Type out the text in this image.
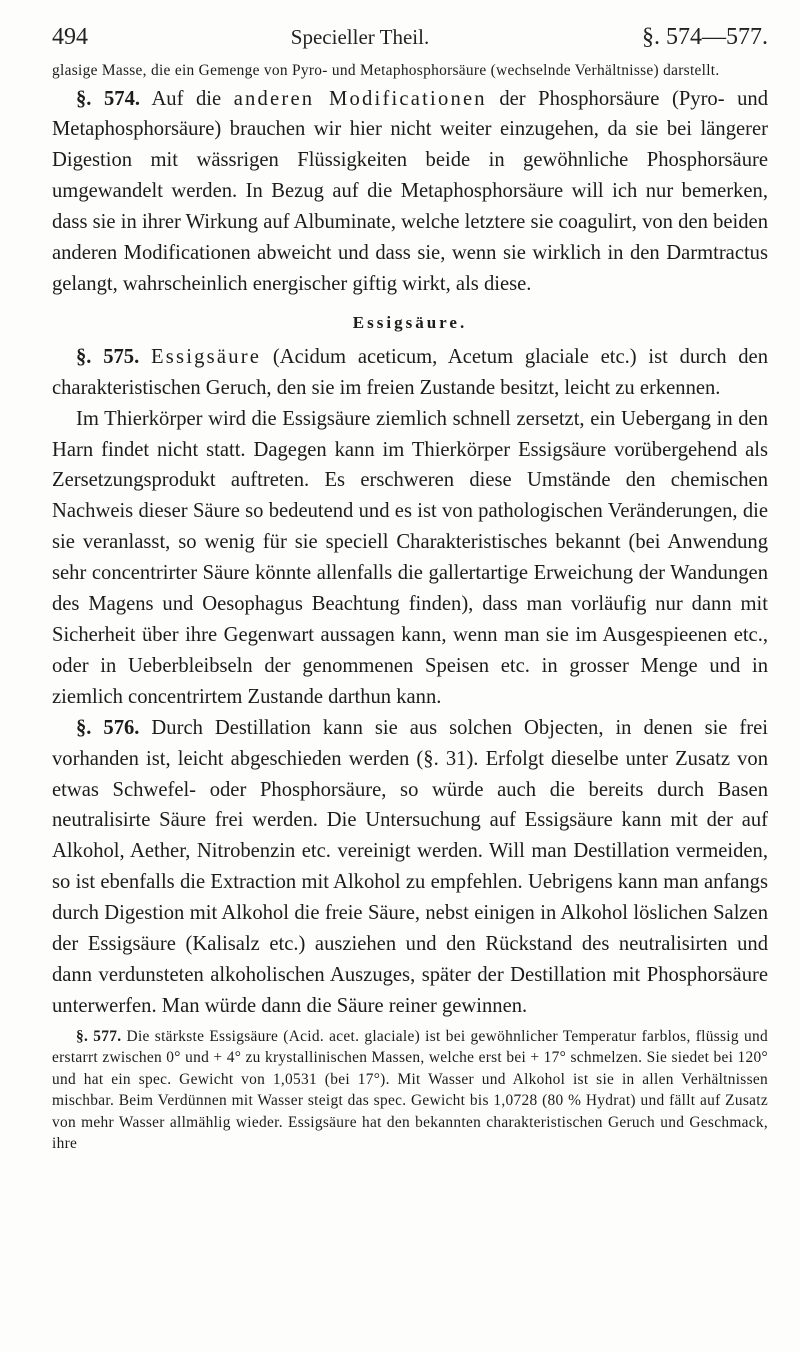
494	Specieller Theil.	§. 574—577.

glasige Masse, die ein Gemenge von Pyro- und Metaphosphorsäure (wechselnde Verhältnisse) darstellt.

§. 574. Auf die anderen Modificationen der Phosphorsäure (Pyro- und Metaphosphorsäure) brauchen wir hier nicht weiter einzugehen, da sie bei längerer Digestion mit wässrigen Flüssigkeiten beide in gewöhnliche Phosphorsäure umgewandelt werden. In Bezug auf die Metaphosphorsäure will ich nur bemerken, dass sie in ihrer Wirkung auf Albuminate, welche letztere sie coagulirt, von den beiden anderen Modificationen abweicht und dass sie, wenn sie wirklich in den Darmtractus gelangt, wahrscheinlich energischer giftig wirkt, als diese.

Essigsäure.

§. 575. Essigsäure (Acidum aceticum, Acetum glaciale etc.) ist durch den charakteristischen Geruch, den sie im freien Zustande besitzt, leicht zu erkennen.

Im Thierkörper wird die Essigsäure ziemlich schnell zersetzt, ein Uebergang in den Harn findet nicht statt. Dagegen kann im Thierkörper Essigsäure vorübergehend als Zersetzungsprodukt auftreten. Es erschweren diese Umstände den chemischen Nachweis dieser Säure so bedeutend und es ist von pathologischen Veränderungen, die sie veranlasst, so wenig für sie speciell Charakteristisches bekannt (bei Anwendung sehr concentrirter Säure könnte allenfalls die gallertartige Erweichung der Wandungen des Magens und Oesophagus Beachtung finden), dass man vorläufig nur dann mit Sicherheit über ihre Gegenwart aussagen kann, wenn man sie im Ausgespieenen etc., oder in Ueberbleibseln der genommenen Speisen etc. in grosser Menge und in ziemlich concentrirtem Zustande darthun kann.

§. 576. Durch Destillation kann sie aus solchen Objecten, in denen sie frei vorhanden ist, leicht abgeschieden werden (§. 31). Erfolgt dieselbe unter Zusatz von etwas Schwefel- oder Phosphorsäure, so würde auch die bereits durch Basen neutralisirte Säure frei werden. Die Untersuchung auf Essigsäure kann mit der auf Alkohol, Aether, Nitrobenzin etc. vereinigt werden. Will man Destillation vermeiden, so ist ebenfalls die Extraction mit Alkohol zu empfehlen. Uebrigens kann man anfangs durch Digestion mit Alkohol die freie Säure, nebst einigen in Alkohol löslichen Salzen der Essigsäure (Kalisalz etc.) ausziehen und den Rückstand des neutralisirten und dann verdunsteten alkoholischen Auszuges, später der Destillation mit Phosphorsäure unterwerfen. Man würde dann die Säure reiner gewinnen.

§. 577. Die stärkste Essigsäure (Acid. acet. glaciale) ist bei gewöhnlicher Temperatur farblos, flüssig und erstarrt zwischen 0° und + 4° zu krystallinischen Massen, welche erst bei + 17° schmelzen. Sie siedet bei 120° und hat ein spec. Gewicht von 1,0531 (bei 17°). Mit Wasser und Alkohol ist sie in allen Verhältnissen mischbar. Beim Verdünnen mit Wasser steigt das spec. Gewicht bis 1,0728 (80 % Hydrat) und fällt auf Zusatz von mehr Wasser allmählig wieder. Essigsäure hat den bekannten charakteristischen Geruch und Geschmack, ihre
